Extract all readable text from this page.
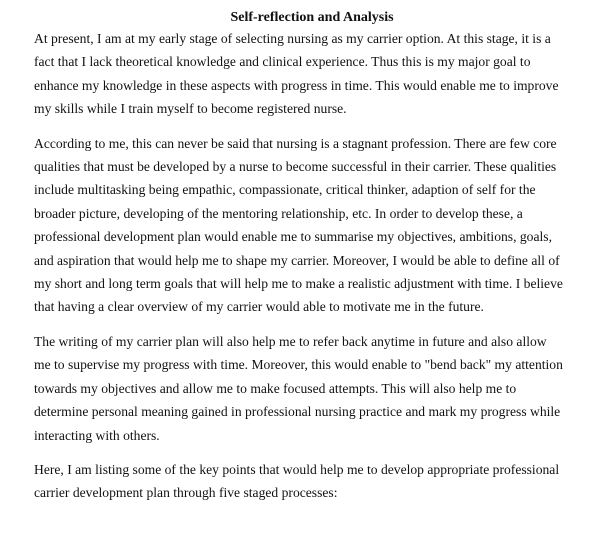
Self-reflection and Analysis
At present, I am at my early stage of selecting nursing as my carrier option. At this stage, it is a
fact that I lack theoretical knowledge and clinical experience. Thus this is my major goal to
enhance my knowledge in these aspects with progress in time. This would enable me to improve
my skills while I train myself to become registered nurse.
According to me, this can never be said that nursing is a stagnant profession. There are few core
qualities that must be developed by a nurse to become successful in their carrier. These qualities
include multitasking being empathic, compassionate, critical thinker, adaption of self for the
broader picture, developing of the mentoring relationship, etc. In order to develop these, a
professional development plan would enable me to summarise my objectives, ambitions, goals,
and aspiration that would help me to shape my carrier. Moreover, I would be able to define all of
my short and long term goals that will help me to make a realistic adjustment with time. I believe
that having a clear overview of my carrier would able to motivate me in the future.
The writing of my carrier plan will also help me to refer back anytime in future and also allow
me to supervise my progress with time. Moreover, this would enable to "bend back" my attention
towards my objectives and allow me to make focused attempts. This will also help me to
determine personal meaning gained in professional nursing practice and mark my progress while
interacting with others.
Here, I am listing some of the key points that would help me to develop appropriate professional
carrier development plan through five staged processes:
